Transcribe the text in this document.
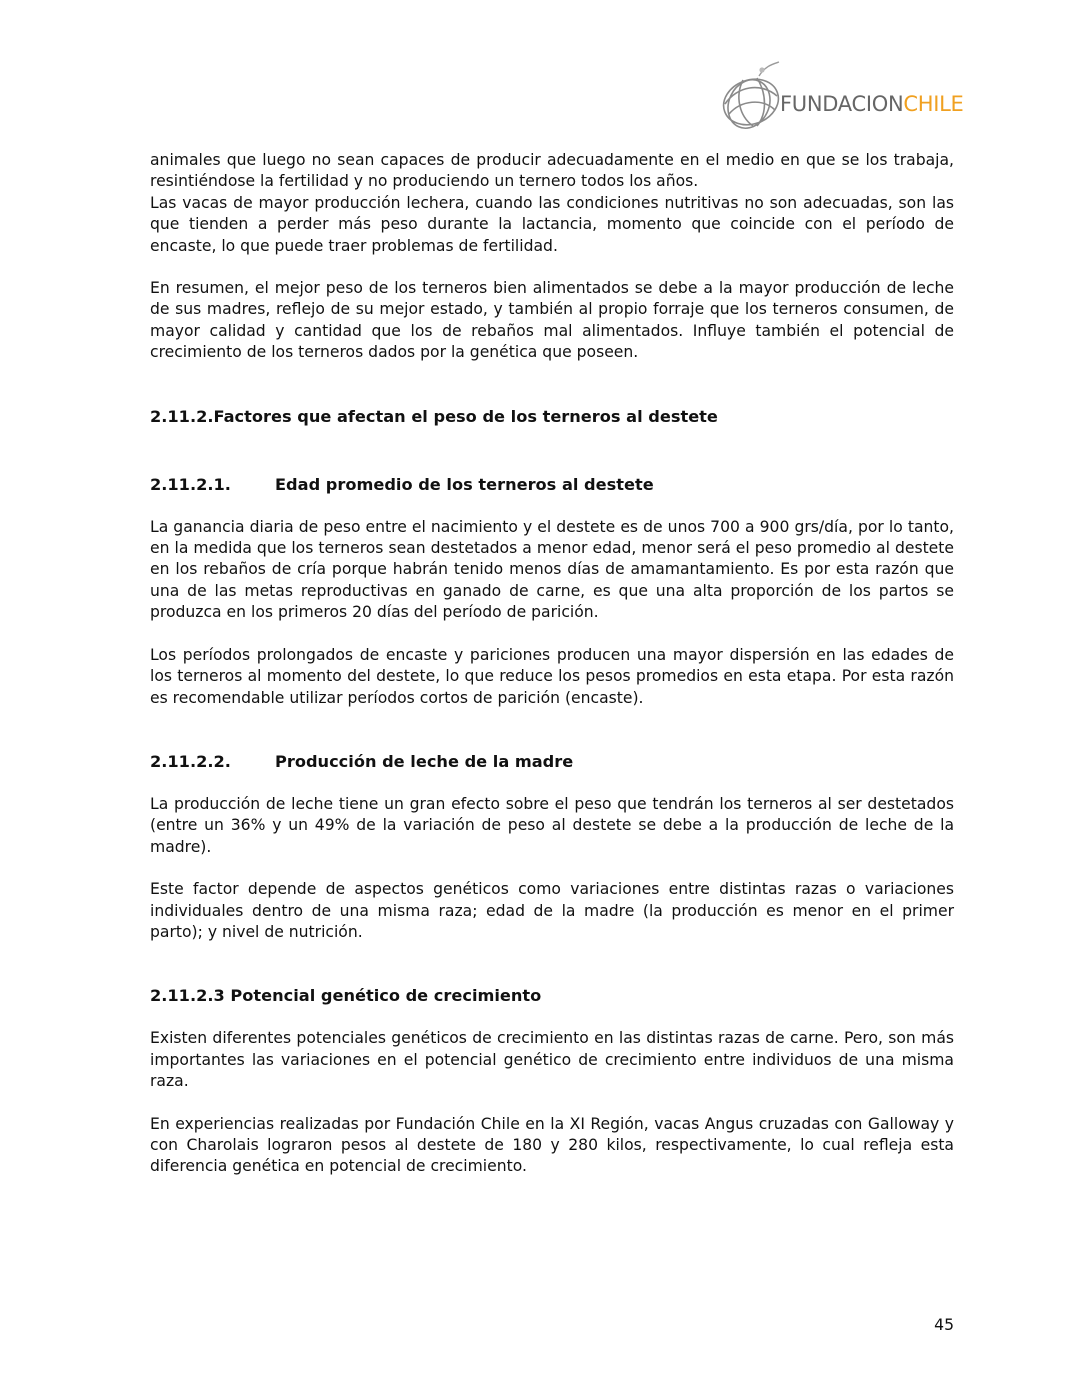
FUNDACIONCHILE

animales que luego no sean capaces de producir adecuadamente en el medio en que se los trabaja, resintiéndose la fertilidad y no produciendo un ternero todos los años.

Las vacas de mayor producción lechera, cuando las condiciones nutritivas no son adecuadas, son las que tienden a perder más peso durante la lactancia, momento que coincide con el período de encaste, lo que puede traer problemas de fertilidad.

En resumen, el mejor peso de los terneros bien alimentados se debe a la mayor producción de leche de sus madres, reflejo de su mejor estado, y también al propio forraje que los terneros consumen, de mayor calidad y cantidad que los de rebaños mal alimentados. Influye también el potencial de crecimiento de los terneros dados por la genética que poseen.

2.11.2. Factores que afectan el peso de los terneros al destete
2.11.2.1.	Edad promedio de los terneros al destete

La ganancia diaria de peso entre el nacimiento y el destete es de unos 700 a 900 grs/día, por lo tanto, en la medida que los terneros sean destetados a menor edad, menor será el peso promedio al destete en los rebaños de cría porque habrán tenido menos días de amamantamiento. Es por esta razón que una de las metas reproductivas en ganado de carne, es que una alta proporción de los partos se produzca en los primeros 20 días del período de parición.

Los períodos prolongados de encaste y pariciones producen una mayor dispersión en las edades de los terneros al momento del destete, lo que reduce los pesos promedios en esta etapa. Por esta razón es recomendable utilizar períodos cortos de parición (encaste).

2.11.2.2.	Producción de leche de la madre

La producción de leche tiene un gran efecto sobre el peso que tendrán los terneros al ser destetados (entre un 36% y un 49% de la variación de peso al destete se debe a la producción de leche de la madre).

Este factor depende de aspectos genéticos como variaciones entre distintas razas o variaciones individuales dentro de una misma raza; edad de la madre (la producción es menor en el primer parto); y nivel de nutrición.

2.11.2.3
Potencial genético de crecimiento

Existen diferentes potenciales genéticos de crecimiento en las distintas razas de carne. Pero, son más importantes las variaciones en el potencial genético de crecimiento entre individuos de una misma raza.

En experiencias realizadas por Fundación Chile en la XI Región, vacas Angus cruzadas con Galloway y con Charolais lograron pesos al destete de 180 y 280 kilos, respectivamente, lo cual refleja esta diferencia genética en potencial de crecimiento.

45
